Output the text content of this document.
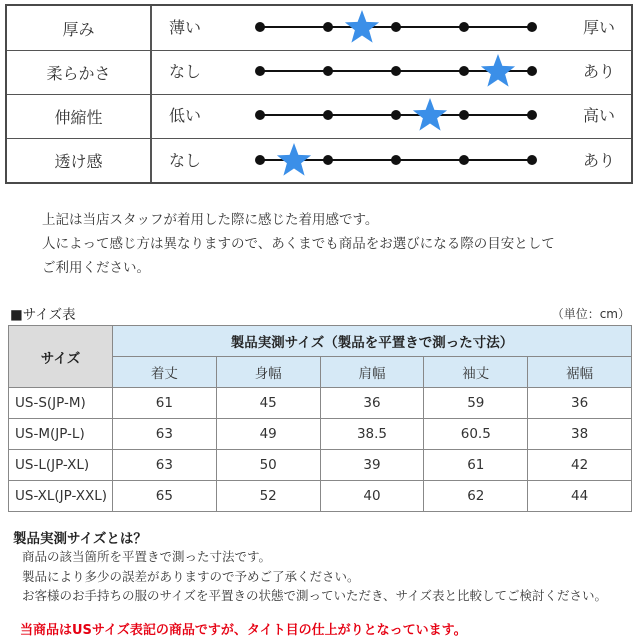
厚み	薄い	厚い
柔らかさ	なし	あり
伸縮性	低い	高い
透け感	なし	あり
上記は当店スタッフが着用した際に感じた着用感です。
人によって感じ方は異なりますので、あくまでも商品をお選びになる際の目安として
ご利用ください。
■サイズ表	（単位：cm）
サイズ	製品実測サイズ（製品を平置きで測った寸法）				
	着丈	身幅	肩幅	袖丈	裾幅
US-S(JP-M)	61	45	36	59	36
US-M(JP-L)	63	49	38.5	60.5	38
US-L(JP-XL)	63	50	39	61	42
US-XL(JP-XXL)	65	52	40	62	44
製品実測サイズとは？
商品の該当箇所を平置きで測った寸法です。
製品により多少の誤差がありますので予めご了承ください。
お客様のお手持ちの服のサイズを平置きの状態で測っていただき、サイズ表と比較してご検討ください。
当商品はUSサイズ表記の商品ですが、タイト目の仕上がりとなっています。
